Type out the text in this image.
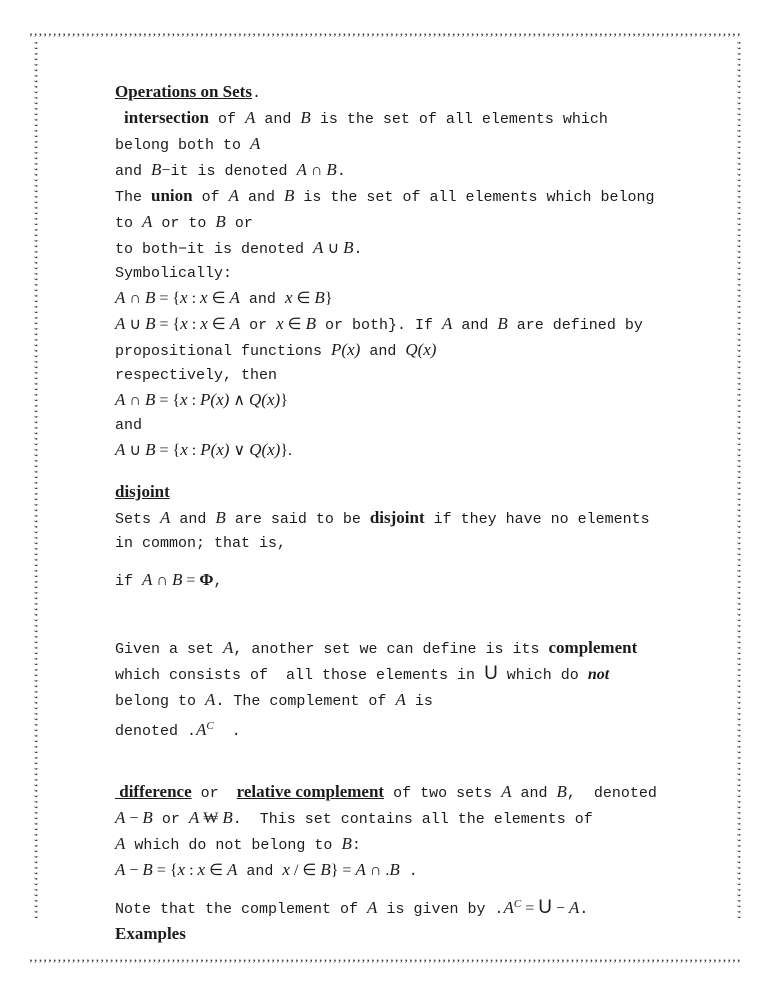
,,,,,,,,,,,,,,,,,,,,,,,,,,,,,,,,,,,,,,,,,,,,,,,,,,,,,,,,,,,,,,,,,,,,,,,,,,,,,,,,,,,,,,,,,,,,,,,,,,,,,,,,,,,,,,,,,,,,,,,,,,,,,,,,,,,,,,,,,,,,,,,,,,,,,,
,,,,,,,,,,,,,,,,,,,,,,,,,,,,,,,,,,,,,,,,,,,,,,,,,,,,,,,,,,,,,,,,,,,,,,,,,,,,,,,,,,,,,,,,,,,,,,,,,,,,,,,,,,,,,,,,,,,,,,,,,,,,,,,,,,,,,,,,,,,,,,,,,,,,,,
,,,,,,,,,,,,,,,,,,,,,,,,,,,,,,,,,,,,,,,,,,,,,,,,,,,,,,,,,,,,,,,,,,,,,,,,,,,,,,,,,,,,,,,,,,,,,,,,,,,,,,,,,,,,,,,,,,,,,,,,,,,,,,,,,,,,,,,,,,,,,,,,,,,,,,,,,,,,,,,,	,,,,,,,,,,,,,,,,,,,,,,,,,,,,,,,,,,,,,,,,,,,,,,,,,,,,,,,,,,,,,,,,,,,,,,,,,,,,,,,,,,,,,,,,,,,,,,,,,,,,,,,,,,,,,,,,,,,,,,,,,,,,,,,,,,,,,,,,,,,,,,,,,,,,,,,,,,,,,,,,
Operations on Sets.
intersection of A and B is the set of all elements which
belong both to A
and B−it is denoted A ∩ B.
The union of A and B is the set of all elements which belong
to A or to B or
to both−it is denoted A ∪ B.
Symbolically:
A ∩ B = {x : x ∈ A and x ∈ B}
A ∪ B = {x : x ∈ A or x ∈ B or both}. If A and B are defined by
propositional functions P(x) and Q(x)
respectively, then
A ∩ B = {x : P(x) ∧ Q(x)}
and
A ∪ B = {x : P(x) ∨ Q(x)}.
disjoint
Sets A and B are said to be disjoint if they have no elements
in common; that is,
if A ∩ B = Φ,
Given a set A, another set we can define is its complement
which consists of  all those elements in U which do not
belong to A. The complement of A is
denoted $.A^C$  .
difference or  relative complement of two sets A and B,  denoted
A − B or A ₩ B.  This set contains all the elements of
A which do not belong to B:
A − B = {x : x ∈ A and x / ∈ B} = A ∩ .B .
Note that the complement of A is given by $.A^C = U - A$.
Examples
